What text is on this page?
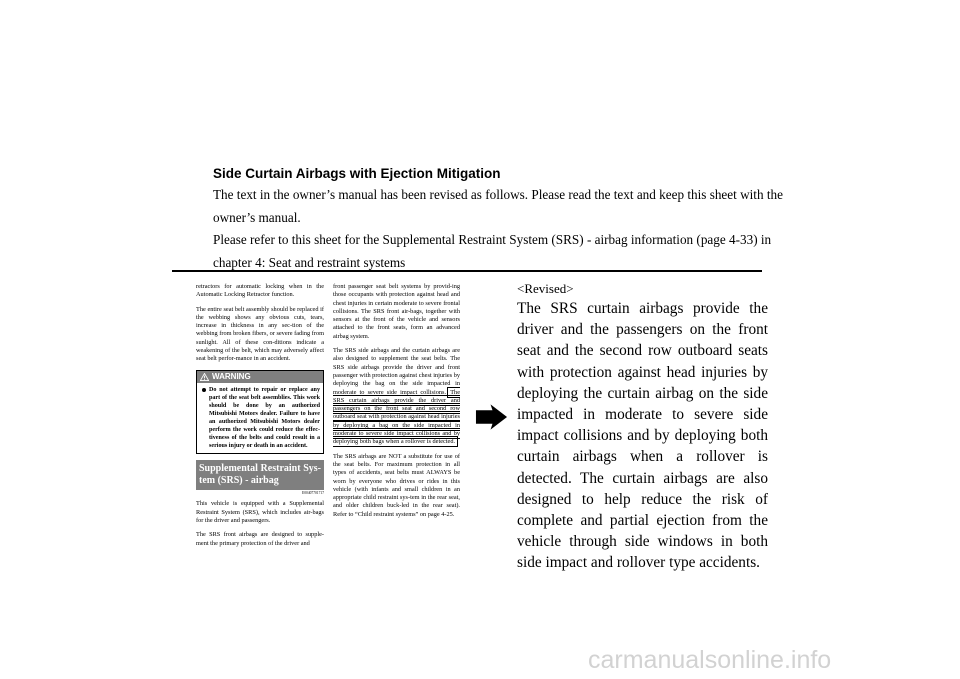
Side Curtain Airbags with Ejection Mitigation
The text in the owner’s manual has been revised as follows. Please read the text and keep this sheet with the
owner’s manual.
Please refer to this sheet for the Supplemental Restraint System (SRS) - airbag information (page 4-33) in
chapter 4: Seat and restraint systems

retractors for automatic locking when in the Automatic Locking Retractor function.

The entire seat belt assembly should be replaced if the webbing shows any obvious cuts, tears, increase in thickness in any sec-tion of the webbing from broken fibers, or severe fading from sunlight. All of these con-ditions indicate a weakening of the belt, which may adversely affect seat belt perfor-mance in an accident.

WARNING
Do not attempt to repair or replace any part of the seat belt assemblies. This work should be done by an authorized Mitsubishi Motors dealer. Failure to have an authorized Mitsubishi Motors dealer perform the work could reduce the effec-tiveness of the belts and could result in a serious injury or death in an accident.
Supplemental Restraint Sys-tem (SRS) - airbag
E00407701717

This vehicle is equipped with a Supplemental Restraint System (SRS), which includes air-bags for the driver and passengers.

The SRS front airbags are designed to supple-ment the primary protection of the driver and

front passenger seat belt systems by provid-ing those occupants with protection against head and chest injuries in certain moderate to severe frontal collisions. The SRS front air-bags, together with sensors at the front of the vehicle and sensors attached to the front seats, form an advanced airbag system.

The SRS side airbags and the curtain airbags are also designed to supplement the seat belts. The SRS side airbags provide the driver and front passenger with protection against chest injuries by deploying the bag on the side impacted in moderate to severe side impact collisions. The SRS curtain airbags provide the driver and passengers on the front seat and second row outboard seat with protection against head injuries by deploying a bag on the side impacted in moderate to severe side impact collisions and by deploying both bags when a rollover is detected.

The SRS airbags are NOT a substitute for use of the seat belts. For maximum protection in all types of accidents, seat belts must ALWAYS be worn by everyone who drives or rides in this vehicle (with infants and small children in an appropriate child restraint sys-tem in the rear seat, and older children buck-led in the rear seat). Refer to “Child restraint systems” on page 4-25.

<Revised>
The SRS curtain airbags provide the driver and the passengers on the front seat and the second row outboard seats with protection against head injuries by deploying the curtain airbag on the side impacted in moderate to severe side impact collisions and by deploying both curtain airbags when a rollover is detected. The curtain airbags are also designed to help reduce the risk of complete and partial ejection from the vehicle through side windows in both side impact and rollover type accidents.
carmanualsonline.info
